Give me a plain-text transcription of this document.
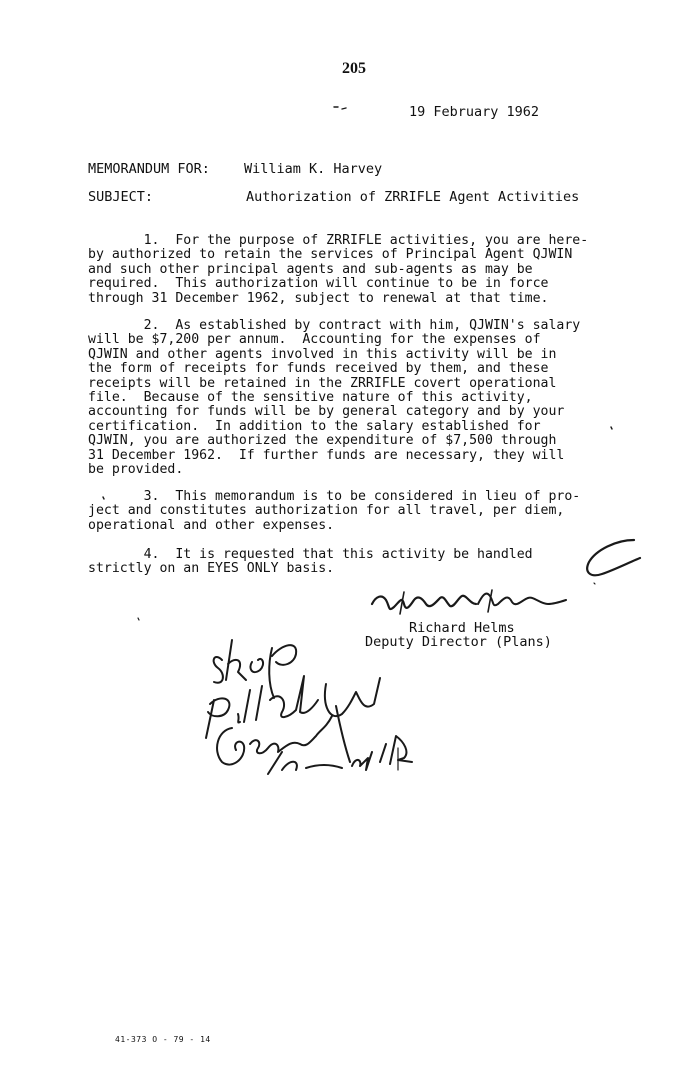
205
19 February 1962
MEMORANDUM FOR:	William K. Harvey
SUBJECT:	Authorization of ZRRIFLE Agent Activities
1.  For the purpose of ZRRIFLE activities, you are here-
by authorized to retain the services of Principal Agent QJWIN
and such other principal agents and sub-agents as may be
required.  This authorization will continue to be in force
through 31 December 1962, subject to renewal at that time.
2.  As established by contract with him, QJWIN's salary
will be $7,200 per annum.  Accounting for the expenses of
QJWIN and other agents involved in this activity will be in
the form of receipts for funds received by them, and these
receipts will be retained in the ZRRIFLE covert operational
file.  Because of the sensitive nature of this activity,
accounting for funds will be by general category and by your
certification.  In addition to the salary established for
QJWIN, you are authorized the expenditure of $7,500 through
31 December 1962.  If further funds are necessary, they will
be provided.
3.  This memorandum is to be considered in lieu of pro-
ject and constitutes authorization for all travel, per diem,
operational and other expenses.
4.  It is requested that this activity be handled
strictly on an EYES ONLY basis.
Richard Helms
Deputy Director (Plans)
41-373 O - 79 - 14
